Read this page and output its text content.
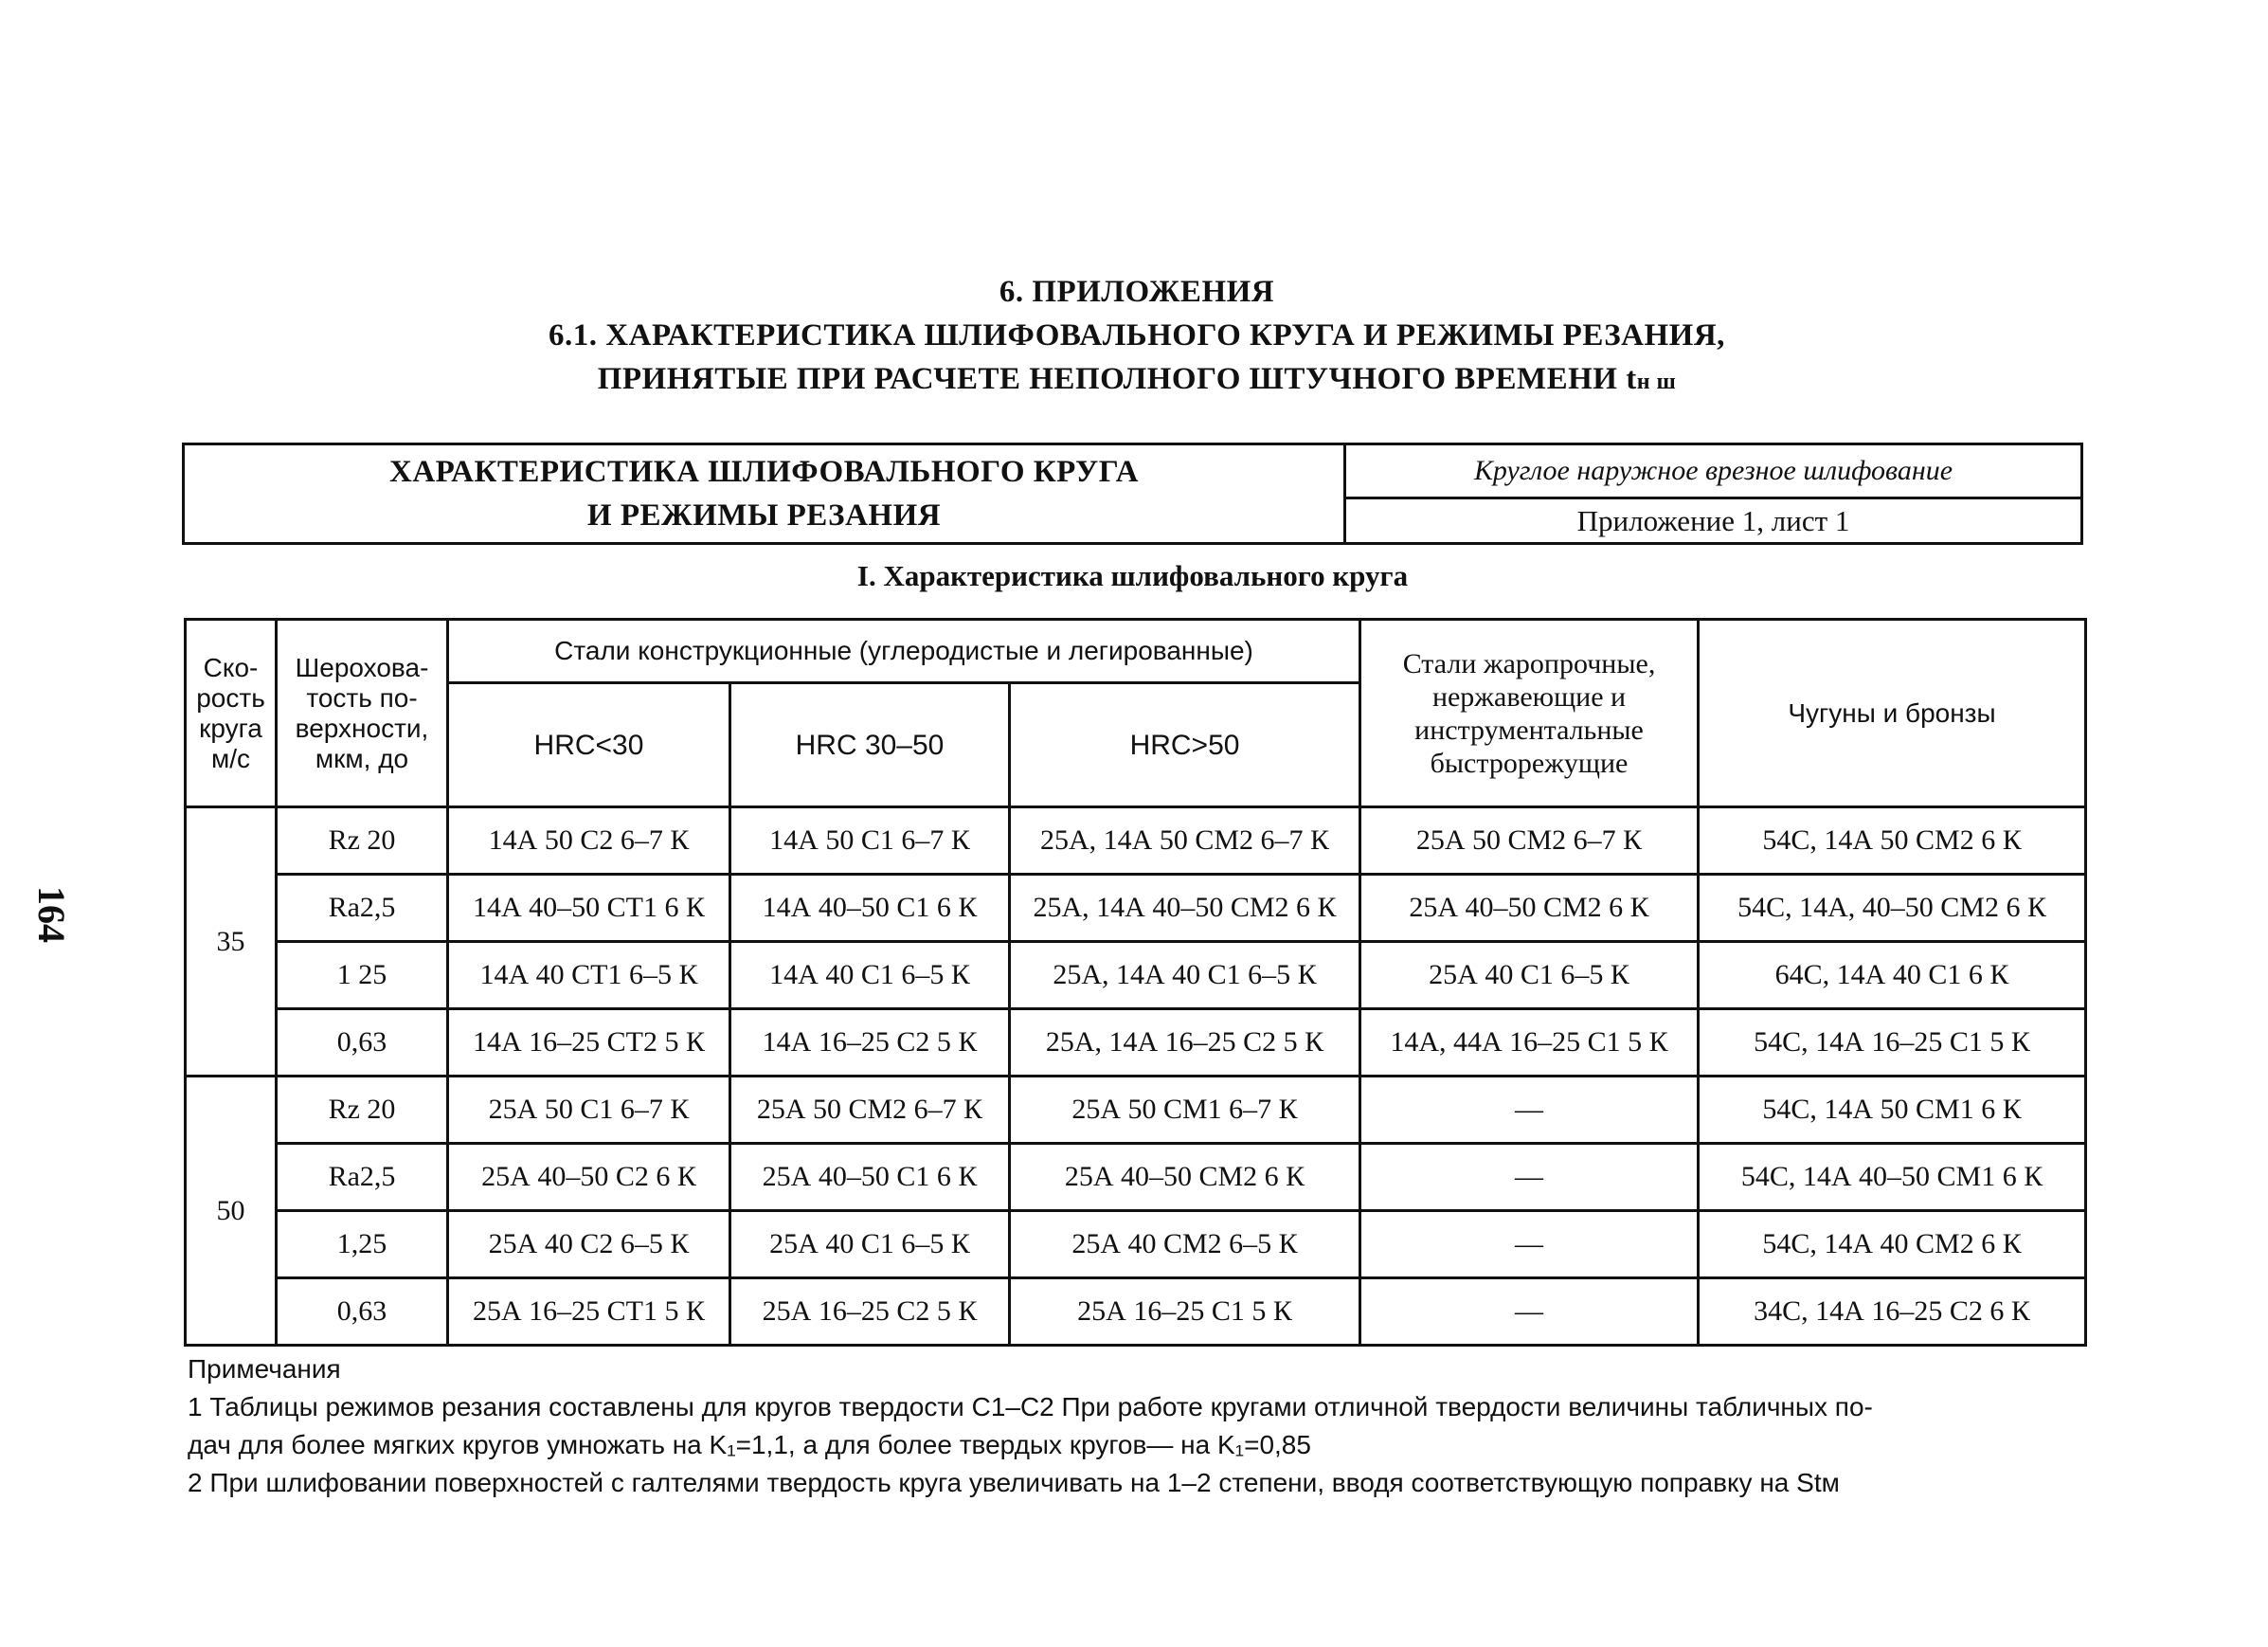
164
6. ПРИЛОЖЕНИЯ
6.1. ХАРАКТЕРИСТИКА ШЛИФОВАЛЬНОГО КРУГА И РЕЖИМЫ РЕЗАНИЯ,
ПРИНЯТЫЕ ПРИ РАСЧЕТЕ НЕПОЛНОГО ШТУЧНОГО ВРЕМЕНИ tн ш
ХАРАКТЕРИСТИКА ШЛИФОВАЛЬНОГО КРУГА
И РЕЖИМЫ РЕЗАНИЯ
Круглое наружное врезное шлифование
Приложение 1, лист 1
I. Характеристика шлифовального круга
Ско-рость круга м/с	Шерохова-тость по-верхности, мкм, до	Стали конструкционные (углеродистые и легированные)			Стали жаропрочные, нержавеющие и инструментальные быстрорежущие	Чугуны и бронзы
		HRC<30	HRC 30–50	HRC>50		
35	Rz 20	14А 50 С2 6–7 К	14А 50 С1 6–7 К	25А, 14А 50 СМ2 6–7 К	25А 50 СМ2 6–7 К	54С, 14А 50 СМ2 6 К
	Ra2,5	14А 40–50 СТ1 6 К	14А 40–50 С1 6 К	25А, 14А 40–50 СМ2 6 К	25А 40–50 СМ2 6 К	54С, 14А, 40–50 СМ2 6 К
	1 25	14А 40 СТ1 6–5 К	14А 40 С1 6–5 К	25А, 14А 40 С1 6–5 К	25А 40 С1 6–5 К	64С, 14А 40 С1 6 К
	0,63	14А 16–25 СТ2 5 К	14А 16–25 С2 5 К	25А, 14А 16–25 С2 5 К	14А, 44А 16–25 С1 5 К	54С, 14А 16–25 С1 5 К
50	Rz 20	25А 50 С1 6–7 К	25А 50 СМ2 6–7 К	25А 50 СМ1 6–7 К	—	54С, 14А 50 СМ1 6 К
	Ra2,5	25А 40–50 С2 6 К	25А 40–50 С1 6 К	25А 40–50 СМ2 6 К	—	54С, 14А 40–50 СМ1 6 К
	1,25	25А 40 С2 6–5 К	25А 40 С1 6–5 К	25А 40 СМ2 6–5 К	—	54С, 14А 40 СМ2 6 К
	0,63	25А 16–25 СТ1 5 К	25А 16–25 С2 5 К	25А 16–25 С1 5 К	—	34С, 14А 16–25 С2 6 К

Примечания

1 Таблицы режимов резания составлены для кругов твердости С1–С2 При работе кругами отличной твердости величины табличных по-

дач для более мягких кругов умножать на K₁=1,1, а для более твердых кругов— на K₁=0,85

2 При шлифовании поверхностей с галтелями твердость круга увеличивать на 1–2 степени, вводя соответствующую поправку на Stм
